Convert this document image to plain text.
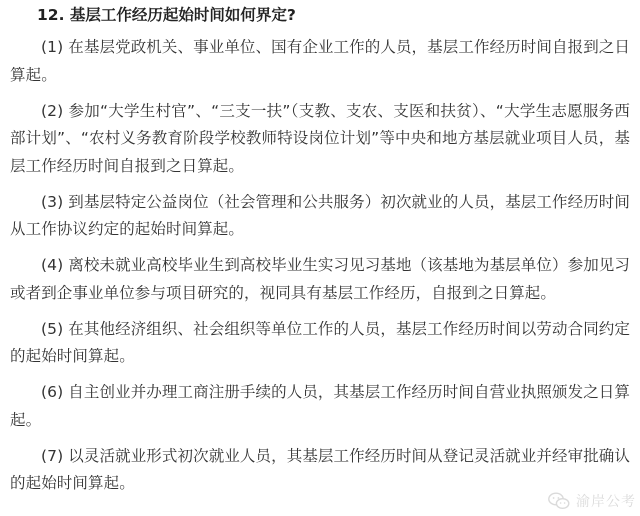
12. 基层工作经历起始时间如何界定?

(1) 在基层党政机关、事业单位、国有企业工作的人员，基层工作经历时间自报到之日算起。

(2) 参加“大学生村官”、“三支一扶”（支教、支农、支医和扶贫）、“大学生志愿服务西部计划”、“农村义务教育阶段学校教师特设岗位计划”等中央和地方基层就业项目人员，基层工作经历时间自报到之日算起。

(3) 到基层特定公益岗位（社会管理和公共服务）初次就业的人员，基层工作经历时间从工作协议约定的起始时间算起。

(4) 离校未就业高校毕业生到高校毕业生实习见习基地（该基地为基层单位）参加见习或者到企事业单位参与项目研究的，视同具有基层工作经历，自报到之日算起。

(5) 在其他经济组织、社会组织等单位工作的人员，基层工作经历时间以劳动合同约定的起始时间算起。

(6) 自主创业并办理工商注册手续的人员，其基层工作经历时间自营业执照颁发之日算起。

(7) 以灵活就业形式初次就业人员，其基层工作经历时间从登记灵活就业并经审批确认的起始时间算起。

渝岸公考
